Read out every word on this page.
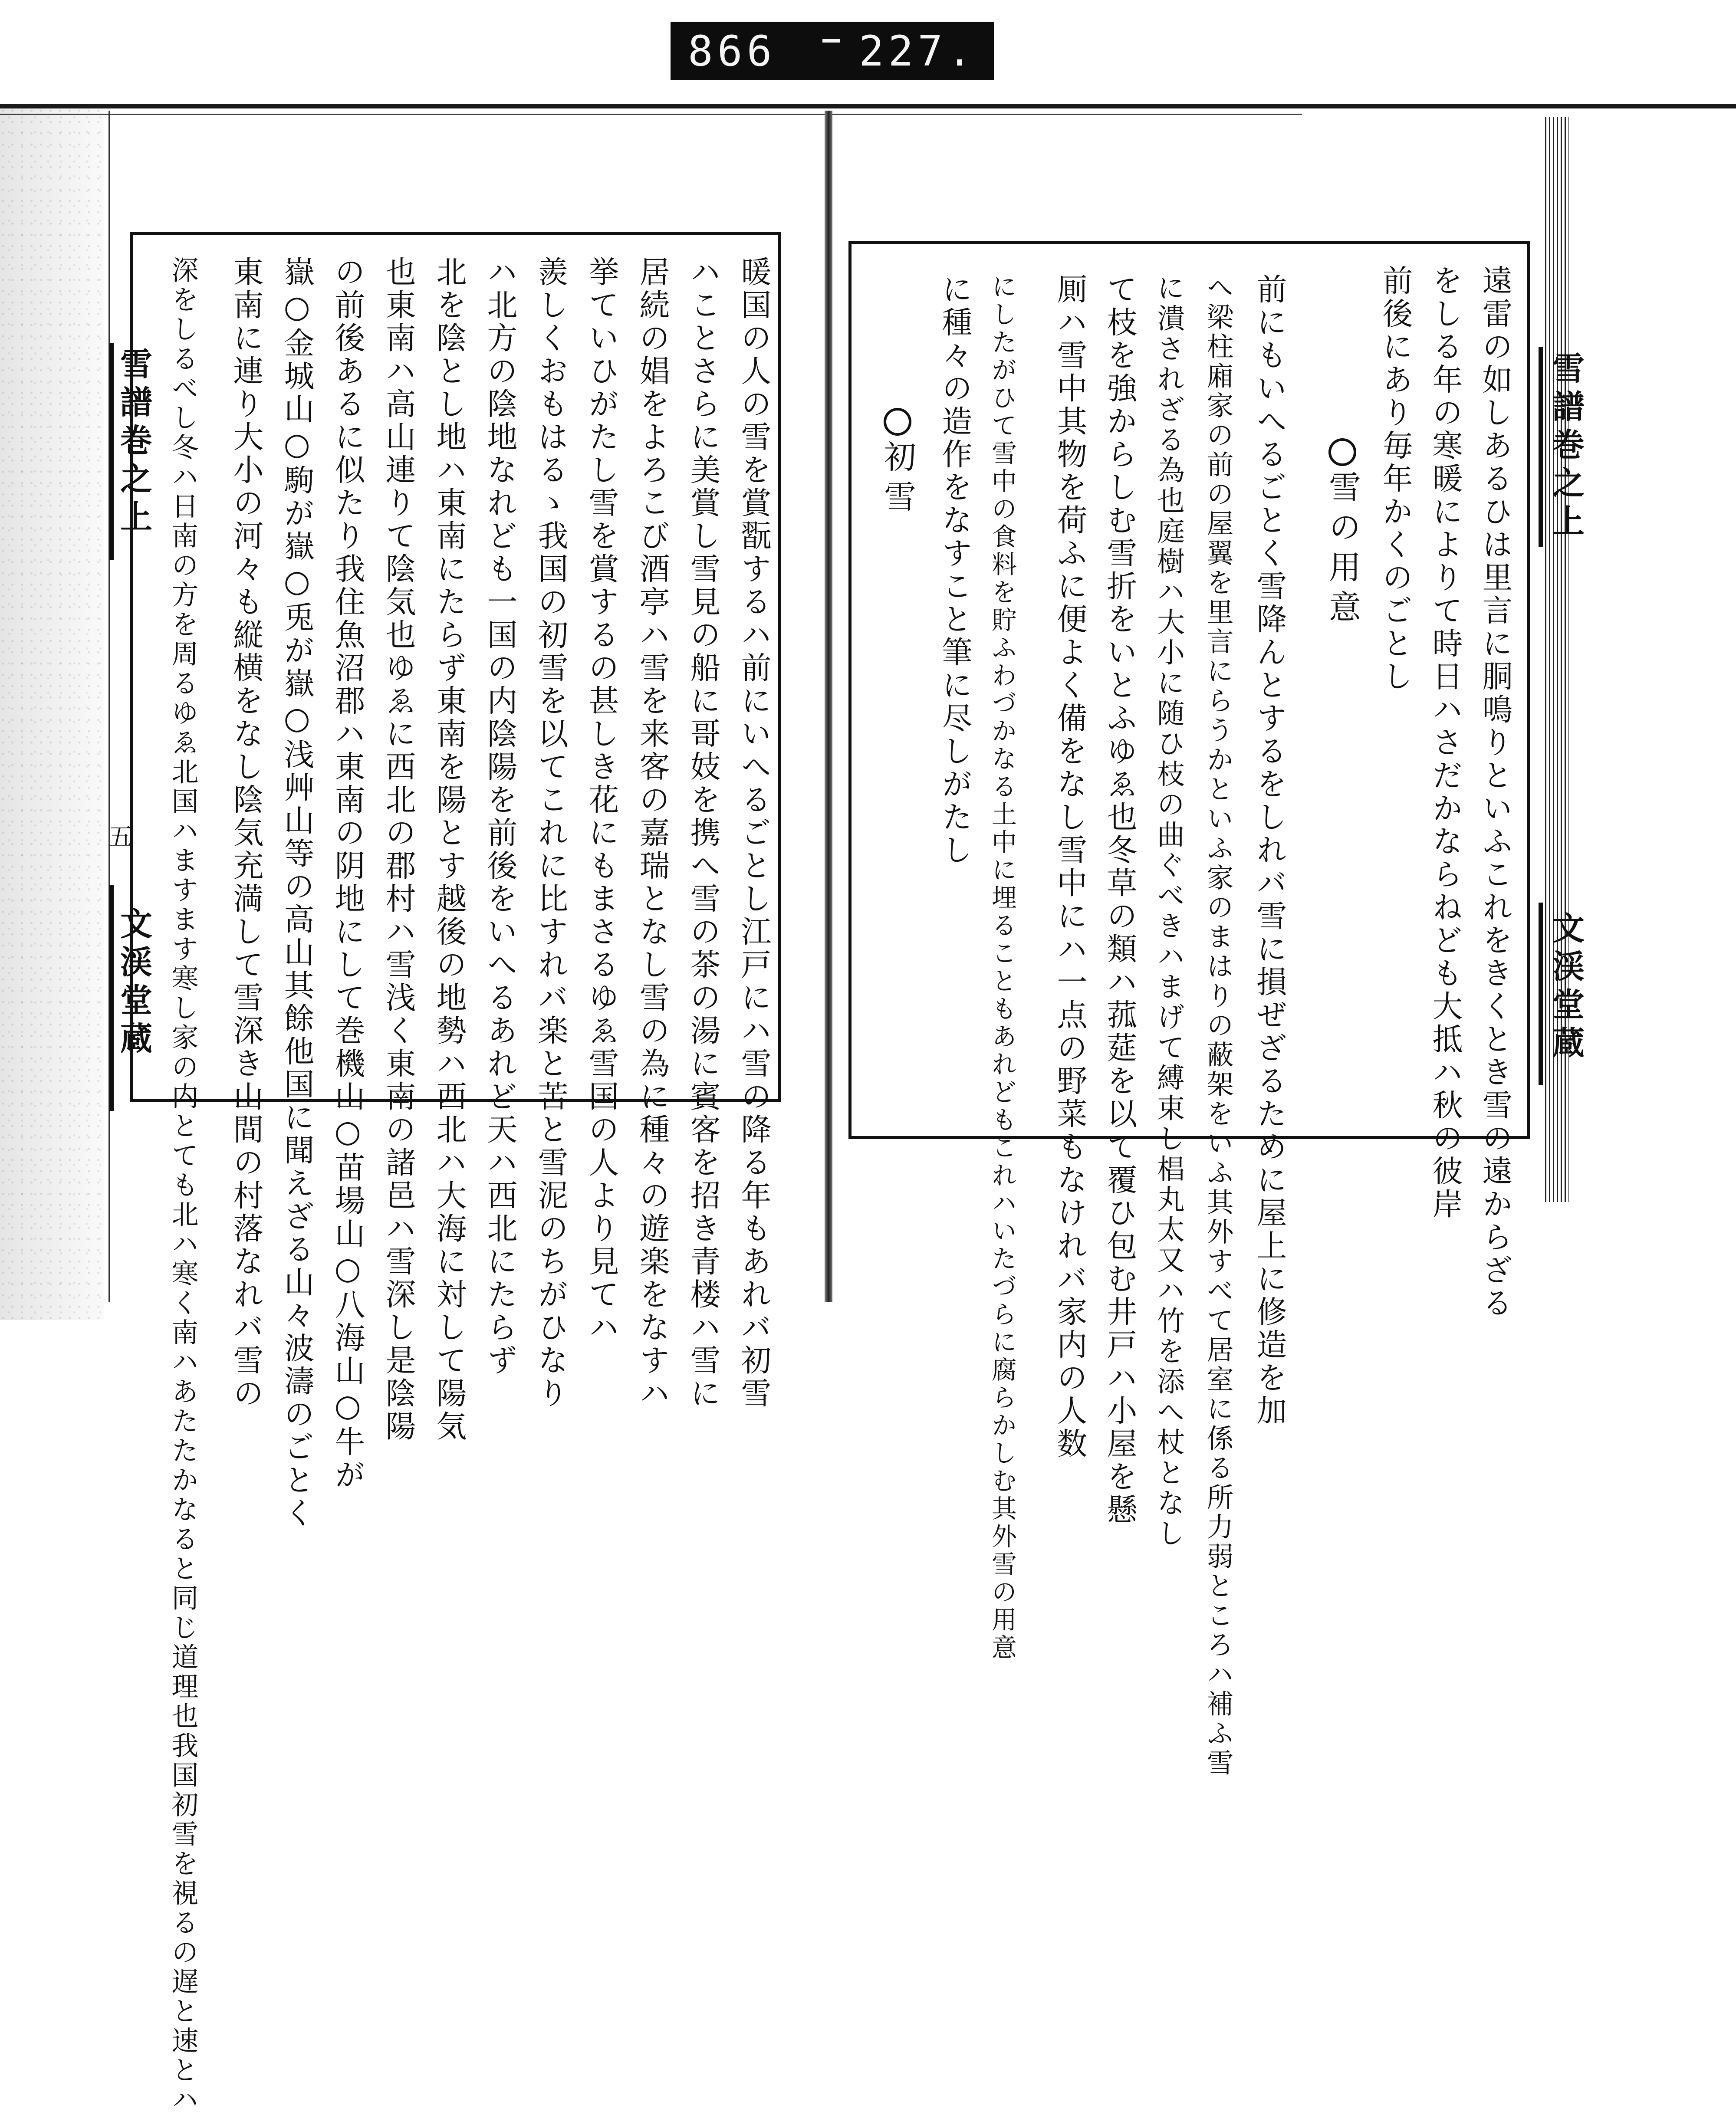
866 227.
雪譜巻之上
五
文渓堂蔵	暖国の人の雪を賞翫するハ前にいへるごとし江戸にハ雪の降る年もあれバ初雪
ハことさらに美賞し雪見の船に哥妓を携へ雪の茶の湯に賓客を招き青楼ハ雪に
居続の娼をよろこび酒亭ハ雪を来客の嘉瑞となし雪の為に種々の遊楽をなすハ
挙ていひがたし雪を賞するの甚しき花にもまさるゆゑ雪国の人より見てハ
羨しくおもはるゝ我国の初雪を以てこれに比すれバ楽と苦と雪泥のちがひなり
ハ北方の陰地なれども一国の内陰陽を前後をいへるあれど天ハ西北にたらず
北を陰とし地ハ東南にたらず東南を陽とす越後の地勢ハ西北ハ大海に対して陽気
也東南ハ高山連りて陰気也ゆゑに西北の郡村ハ雪浅く東南の諸邑ハ雪深し是陰陽
の前後あるに似たり我住魚沼郡ハ東南の阴地にして巻機山○苗場山○八海山○牛が
嶽○金城山○駒が嶽○兎が嶽○浅艸山等の高山其餘他国に聞えざる山々波濤のごとく
東南に連り大小の河々も縦横をなし陰気充満して雪深き山間の村落なれバ雪の
深をしるべし冬ハ日南の方を周るゆゑ北国ハますます寒し家の内とても北ハ寒く南ハあたたかなると同じ道理也我国初雪を視るの遅と速とハ	雪譜巻之上
文渓堂蔵
遠雷の如しあるひは里言に胴鳴りといふこれをきくとき雪の遠からざる
をしる年の寒暖によりて時日ハさだかならねども大抵ハ秋の彼岸
前後にあり毎年かくのごとし
雪の用意
前にもいへるごとく雪降んとするをしれバ雪に損ぜざるために屋上に修造を加
へ梁柱廂家の前の屋翼を里言にらうかといふ家のまはりの蔽架をいふ其外すべて居室に係る所力弱ところハ補ふ雪
に潰されざる為也庭樹ハ大小に随ひ枝の曲ぐべきハまげて縛束し椙丸太又ハ竹を添へ杖となし
て枝を強からしむ雪折をいとふゆゑ也冬草の類ハ菰莚を以て覆ひ包む井戸ハ小屋を懸
厠ハ雪中其物を荷ふに便よく備をなし雪中にハ一点の野菜もなけれバ家内の人数
にしたがひて雪中の食料を貯ふわづかなる土中に埋ることもあれどもこれハいたづらに腐らかしむ其外雪の用意
に種々の造作をなすこと筆に尽しがたし
初雪
